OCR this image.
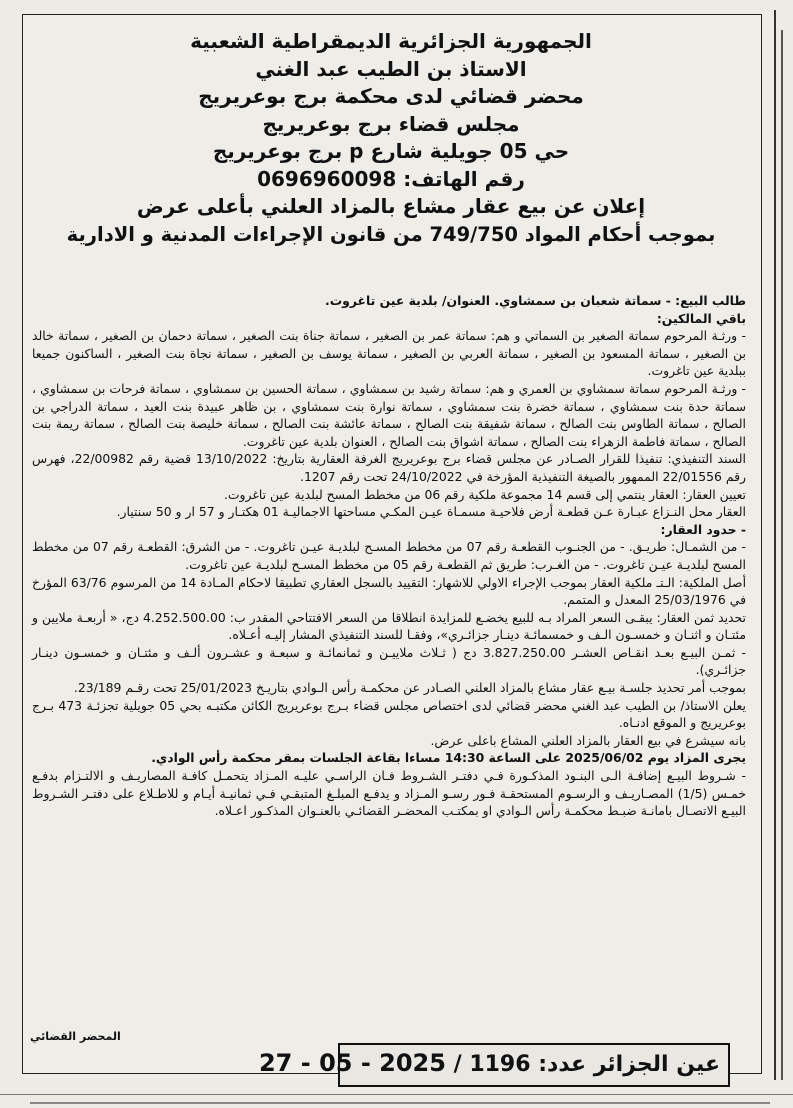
الجمهورية الجزائرية الديمقراطية الشعبية
الاستاذ بن الطيب عبد الغني
محضر قضائي لدى محكمة برج بوعريريج
مجلس قضاء برج بوعريريج
حي 05 جويلية شارع p برج بوعريريج
رقم الهاتف: 0696960098
إعلان عن بيع عقار مشاع بالمزاد العلني بأعلى عرض
بموجب أحكام المواد 749/750 من قانون الإجراءات المدنية و الادارية

طالب البيع: - سماتة شعبان بن سمشاوي. العنوان/ بلدية عين تاغروت.

باقي المالكين:

- ورثـة المرحوم سماتة الصغير بن السماتي و هم: سماتة عمر بن الصغير ، سماتة جناة بنت الصغير ، سماتة دحمان بن الصغير ، سماتة خالد بن الصغير ، سماتة المسعود بن الصغير ، سماتة العربي بن الصغير ، سماتة يوسف بن الصغير ، سماتة نجاة بنت الصغير ، الساكنون جميعا ببلدية عين تاغروت.

- ورثـة المرحوم سماتة سمشاوي بن العمري و هم: سماتة رشيد بن سمشاوي ، سماتة الحسين بن سمشاوي ، سماتة فرحات بن سمشاوي ، سماتة حدة بنت سمشاوي ، سماتة خضرة بنت سمشاوي ، سماتة نوارة بنت سمشاوي ، بن ظاهر عبيدة بنت العيد ، سماتة الدراجي بن الصالح ، سماتة الطاوس بنت الصالح ، سماتة شفيقة بنت الصالح ، سماتة عائشة بنت الصالح ، سماتة خليصة بنت الصالح ، سماتة ريمة بنت الصالح ، سماتة فاطمة الزهراء بنت الصالح ، سماتة اشواق بنت الصالح ، العنوان بلدية عين تاغروت.

السند التنفيذي: تنفيذا للقرار الصـادر عن مجلس قضاء برج بوعريريج الغرفة العقارية بتاريخ: 13/10/2022 قضية رقم 22/00982، فهرس رقم 22/01556 الممهور بالصيغة التنفيذية المؤرخة في 24/10/2022 تحت رقم 1207.

تعيين العقار: العقار ينتمي إلى قسم 14 مجموعة ملكية رقم 06 من مخطط المسح لبلدية عين تاغروت.

العقار محل النـزاع عبـارة عـن قطعـة أرض فلاحيـة مسمـاة عيـن المكـي مساحتها الاجماليـة 01 هكتـار و 57 ار و 50 سنتيار.

- حدود العقار:

- من الشمـال: طريـق. - من الجنـوب القطعـة رقم 07 من مخطط المسـح لبلديـة عيـن تاغروت. - من الشرق: القطعـة رقم 07 من مخطط المسح لبلديـة عيـن تاغروت. - من الغـرب: طريق ثم القطعـة رقم 05 من مخطط المسـح لبلديـة عين تاغروت.

أصل الملكية: الـتـ ملكية العقار بموجب الإجراء الاولي للاشهار: التقييد بالسجل العقاري تطبيقا لاحكام المـادة 14 من المرسوم 63/76 المؤرخ في 25/03/1976 المعدل و المتمم.

تحديد ثمن العقار: يبقـى السعر المراد بـه للبيع يخضـع للمزايدة انطلاقا من السعر الافتتاحي المقدر ب: 4.252.500.00 دج، « أربعـة ملايين و مئتـان و اثنـان و خمسـون الـف و خمسمائـة دينـار جزائـري»، وفقـا للسند التنفيذي المشار إليـه أعـلاه.

- ثمـن البيـع بعـد انقـاص العشـر 3.827.250.00 دج ( ثـلاث ملاييـن و ثمانمائـة و سبعـة و عشـرون ألـف و مئتـان و خمسـون دينـار جزائـري).

بموجب أمر تحديد جلسـة بيـع عقار مشاع بالمزاد العلني الصـادر عن محكمـة رأس الـوادي بتاريـخ 25/01/2023 تحت رقـم 23/189.

يعلن الاستاذ/ بن الطيب عبد الغني محضر قضائي لدى اختصاص مجلس قضاء بـرج بوعريريج الكائن مكتبـه بحي 05 جويلية تجزئـة 473 بـرج بوعريريج و الموقع ادنـاه.

بانه سيشرع في بيع العقار بالمزاد العلني المشاع باعلى عرض.

يجرى المزاد يوم 2025/06/02 على الساعة 14:30 مساءا بقاعة الجلسات بمقر محكمة رأس الوادي.

- شـروط البيـع إضافـة الـى البنـود المذكـورة فـي دفتـر الشـروط فـان الراسـي عليـه المـزاد يتحمـل كافـة المصاريـف و الالتـزام بدفـع خمـس (1/5) المصـاريـف و الرسـوم المستحقـة فـور رسـو المـزاد و يدفـع المبلـغ المتبقـي فـي ثمانيـة أيـام و للاطـلاع على دفتـر الشـروط البيـع الاتصـال بامانـة ضبـط محكمـة رأس الـوادي او بمكتـب المحضـر القضائـي بالعنـوان المذكـور اعـلاه.

المحضر القضائي
عين الجزائر عدد: 1196 / 2025 - 05 - 27
